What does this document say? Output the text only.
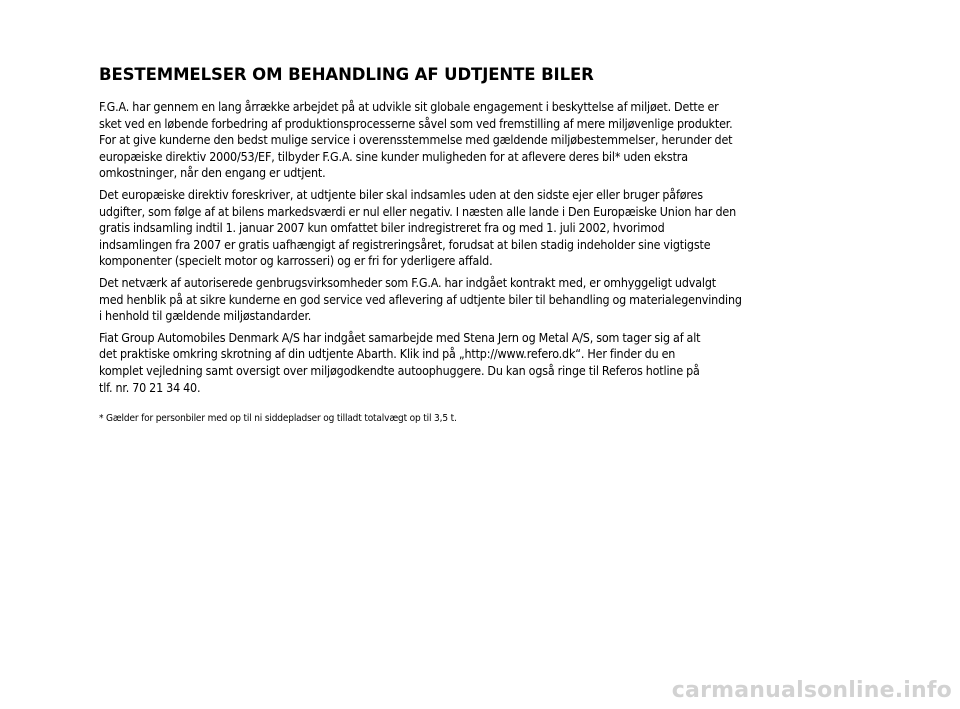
BESTEMMELSER OM BEHANDLING AF UDTJENTE BILER
F.G.A. har gennem en lang årrække arbejdet på at udvikle sit globale engagement i beskyttelse af miljøet. Dette er
sket ved en løbende forbedring af produktionsprocesserne såvel som ved fremstilling af mere miljøvenlige produkter.
For at give kunderne den bedst mulige service i overensstemmelse med gældende miljøbestemmelser, herunder det
europæiske direktiv 2000/53/EF, tilbyder F.G.A. sine kunder muligheden for at aflevere deres bil* uden ekstra
omkostninger, når den engang er udtjent.
Det europæiske direktiv foreskriver, at udtjente biler skal indsamles uden at den sidste ejer eller bruger påføres
udgifter, som følge af at bilens markedsværdi er nul eller negativ. I næsten alle lande i Den Europæiske Union har den
gratis indsamling indtil 1. januar 2007 kun omfattet biler indregistreret fra og med 1. juli 2002, hvorimod
indsamlingen fra 2007 er gratis uafhængigt af registreringsåret, forudsat at bilen stadig indeholder sine vigtigste
komponenter (specielt motor og karrosseri) og er fri for yderligere affald.
Det netværk af autoriserede genbrugsvirksomheder som F.G.A. har indgået kontrakt med, er omhyggeligt udvalgt
med henblik på at sikre kunderne en god service ved aflevering af udtjente biler til behandling og materialegenvinding
i henhold til gældende miljøstandarder.
Fiat Group Automobiles Denmark A/S har indgået samarbejde med Stena Jern og Metal A/S, som tager sig af alt
det praktiske omkring skrotning af din udtjente Abarth. Klik ind på „http://www.refero.dk“. Her finder du en
komplet vejledning samt oversigt over miljøgodkendte autoophuggere. Du kan også ringe til Referos hotline på
tlf. nr. 70 21 34 40.
* Gælder for personbiler med op til ni siddepladser og tilladt totalvægt op til 3,5 t.
carmanualsonline.info
